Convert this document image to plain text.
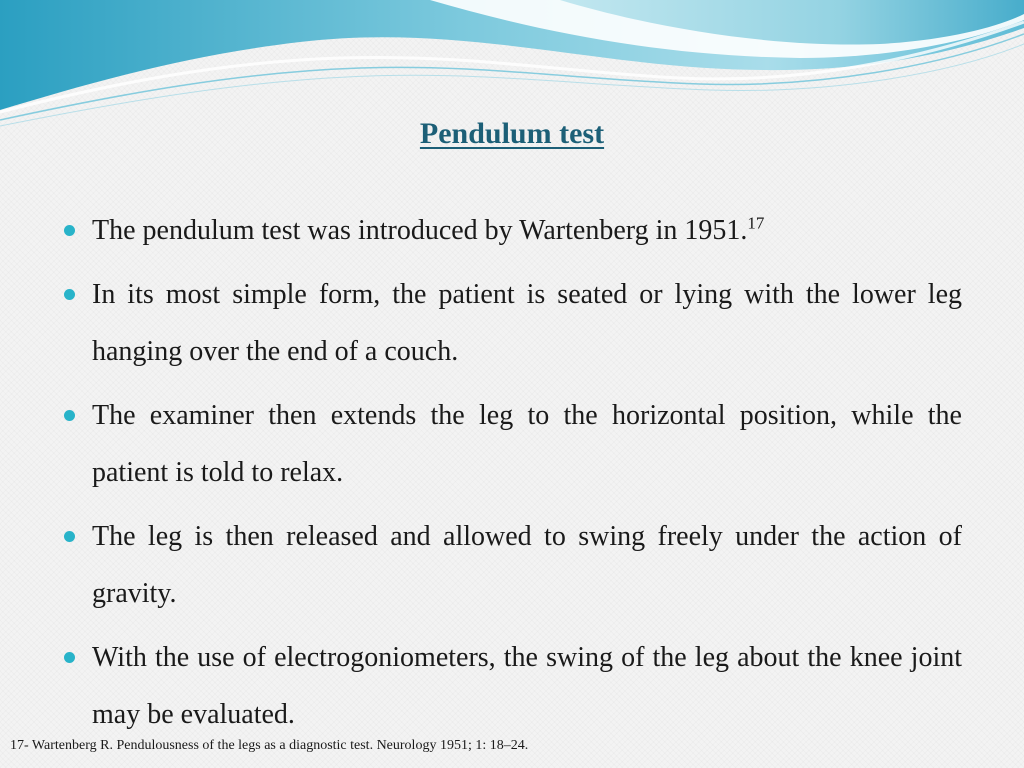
Pendulum test
The pendulum test was introduced by Wartenberg in 1951.17
In its most simple form, the patient is seated or lying with the lower leg hanging over the end of a couch.
The examiner then extends the leg to the horizontal position, while the patient is told to relax.
The leg is then released and allowed to swing freely under the action of gravity.
With the use of electrogoniometers, the swing of the leg about the knee joint may be evaluated.

17- Wartenberg R. Pendulousness of the legs as a diagnostic test. Neurology 1951; 1: 18–24.
